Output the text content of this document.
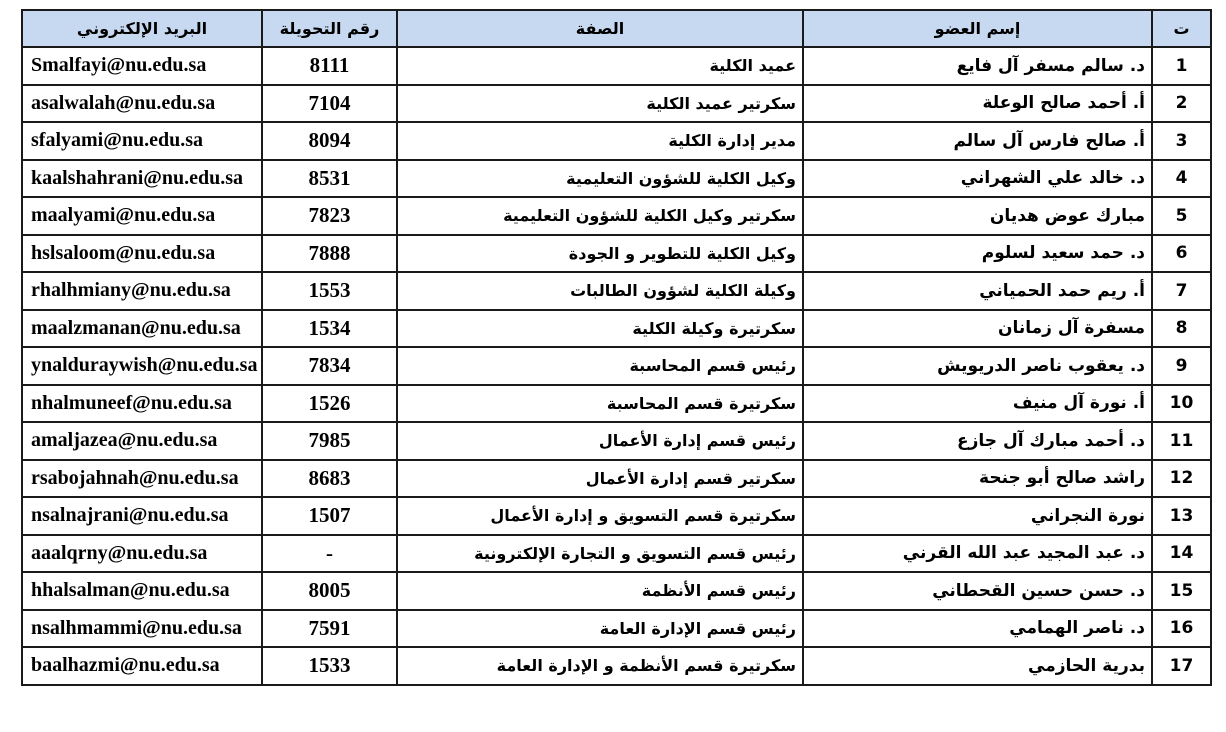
ت	إسم العضو	الصفة	رقم التحويلة	البريد الإلكتروني
1	د. سالم مسفر آل فايع	عميد الكلية	8111	Smalfayi@nu.edu.sa
2	أ. أحمد صالح الوعلة	سكرتير عميد الكلية	7104	asalwalah@nu.edu.sa
3	أ. صالح فارس آل سالم	مدير إدارة الكلية	8094	sfalyami@nu.edu.sa
4	د. خالد علي الشهراني	وكيل الكلية للشؤون التعليمية	8531	kaalshahrani@nu.edu.sa
5	مبارك عوض هديان	سكرتير وكيل الكلية للشؤون التعليمية	7823	maalyami@nu.edu.sa
6	د. حمد سعيد لسلوم	وكيل الكلية للتطوير و الجودة	7888	hslsaloom@nu.edu.sa
7	أ. ريم حمد الحمياني	وكيلة الكلية لشؤون الطالبات	1553	rhalhmiany@nu.edu.sa
8	مسفرة آل زمانان	سكرتيرة وكيلة الكلية	1534	maalzmanan@nu.edu.sa
9	د. يعقوب ناصر الدريويش	رئيس قسم المحاسبة	7834	ynaldurаywish@nu.edu.sa
10	أ. نورة آل منيف	سكرتيرة قسم المحاسبة	1526	nhalmuneef@nu.edu.sa
11	د. أحمد مبارك آل جازع	رئيس قسم إدارة الأعمال	7985	amaljazea@nu.edu.sa
12	راشد صالح أبو جنحة	سكرتير قسم إدارة الأعمال	8683	rsabojahnah@nu.edu.sa
13	نورة النجراني	سكرتيرة قسم التسويق و إدارة الأعمال	1507	nsalnajrani@nu.edu.sa
14	د. عبد المجيد عبد الله القرني	رئيس قسم التسويق و التجارة الإلكترونية	-	aaalqrny@nu.edu.sa
15	د. حسن حسين القحطاني	رئيس قسم الأنظمة	8005	hhalsalman@nu.edu.sa
16	د. ناصر الهمامي	رئيس قسم الإدارة العامة	7591	nsalhmammi@nu.edu.sa
17	بدرية الحازمي	سكرتيرة قسم الأنظمة و الإدارة العامة	1533	baalhazmi@nu.edu.sa
